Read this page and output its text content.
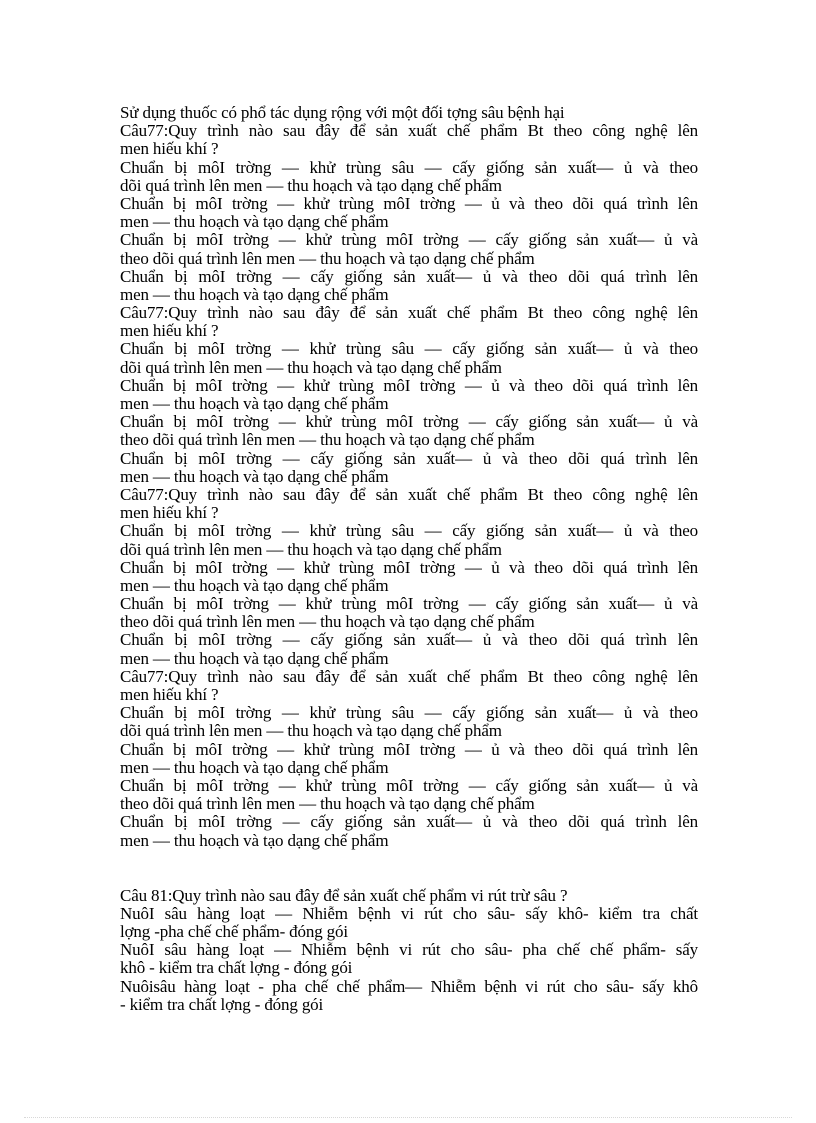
Sử dụng thuốc có phổ tác dụng rộng với một đối tợng sâu bệnh hại
Câu77:Quy trình nào sau đây để sản xuất chế phẩm Bt theo công nghệ lên
men hiếu khí ?
Chuẩn bị môI trờng — khử trùng sâu — cấy giống sản xuất— ủ và theo
dõi quá trình lên men — thu hoạch và tạo dạng chế phẩm
Chuẩn bị môI trờng — khử trùng môI trờng — ủ và theo dõi quá trình lên
men — thu hoạch và tạo dạng chế phẩm
Chuẩn bị môI trờng — khử trùng môI trờng — cấy giống sản xuất— ủ và
theo dõi quá trình lên men — thu hoạch và tạo dạng chế phẩm
Chuẩn bị môI trờng — cấy giống sản xuất— ủ và theo dõi quá trình lên
men — thu hoạch và tạo dạng chế phẩm
Câu77:Quy trình nào sau đây để sản xuất chế phẩm Bt theo công nghệ lên
men hiếu khí ?
Chuẩn bị môI trờng — khử trùng sâu — cấy giống sản xuất— ủ và theo
dõi quá trình lên men — thu hoạch và tạo dạng chế phẩm
Chuẩn bị môI trờng — khử trùng môI trờng — ủ và theo dõi quá trình lên
men — thu hoạch và tạo dạng chế phẩm
Chuẩn bị môI trờng — khử trùng môI trờng — cấy giống sản xuất— ủ và
theo dõi quá trình lên men — thu hoạch và tạo dạng chế phẩm
Chuẩn bị môI trờng — cấy giống sản xuất— ủ và theo dõi quá trình lên
men — thu hoạch và tạo dạng chế phẩm
Câu77:Quy trình nào sau đây để sản xuất chế phẩm Bt theo công nghệ lên
men hiếu khí ?
Chuẩn bị môI trờng — khử trùng sâu — cấy giống sản xuất— ủ và theo
dõi quá trình lên men — thu hoạch và tạo dạng chế phẩm
Chuẩn bị môI trờng — khử trùng môI trờng — ủ và theo dõi quá trình lên
men — thu hoạch và tạo dạng chế phẩm
Chuẩn bị môI trờng — khử trùng môI trờng — cấy giống sản xuất— ủ và
theo dõi quá trình lên men — thu hoạch và tạo dạng chế phẩm
Chuẩn bị môI trờng — cấy giống sản xuất— ủ và theo dõi quá trình lên
men — thu hoạch và tạo dạng chế phẩm
Câu77:Quy trình nào sau đây để sản xuất chế phẩm Bt theo công nghệ lên
men hiếu khí ?
Chuẩn bị môI trờng — khử trùng sâu — cấy giống sản xuất— ủ và theo
dõi quá trình lên men — thu hoạch và tạo dạng chế phẩm
Chuẩn bị môI trờng — khử trùng môI trờng — ủ và theo dõi quá trình lên
men — thu hoạch và tạo dạng chế phẩm
Chuẩn bị môI trờng — khử trùng môI trờng — cấy giống sản xuất— ủ và
theo dõi quá trình lên men — thu hoạch và tạo dạng chế phẩm
Chuẩn bị môI trờng — cấy giống sản xuất— ủ và theo dõi quá trình lên
men — thu hoạch và tạo dạng chế phẩm
Câu 81:Quy trình nào sau đây để sản xuất chế phẩm vi rút trừ sâu ?
NuôI sâu hàng loạt — Nhiễm bệnh vi rút cho sâu- sấy khô- kiểm tra chất
lợng -pha chế chế phẩm- đóng gói
NuôI sâu hàng loạt — Nhiễm bệnh vi rút cho sâu- pha chế chế phẩm- sấy
khô - kiểm tra chất lợng - đóng gói
Nuôisâu hàng loạt - pha chế chế phẩm— Nhiễm bệnh vi rút cho sâu- sấy khô
- kiểm tra chất lợng - đóng gói
